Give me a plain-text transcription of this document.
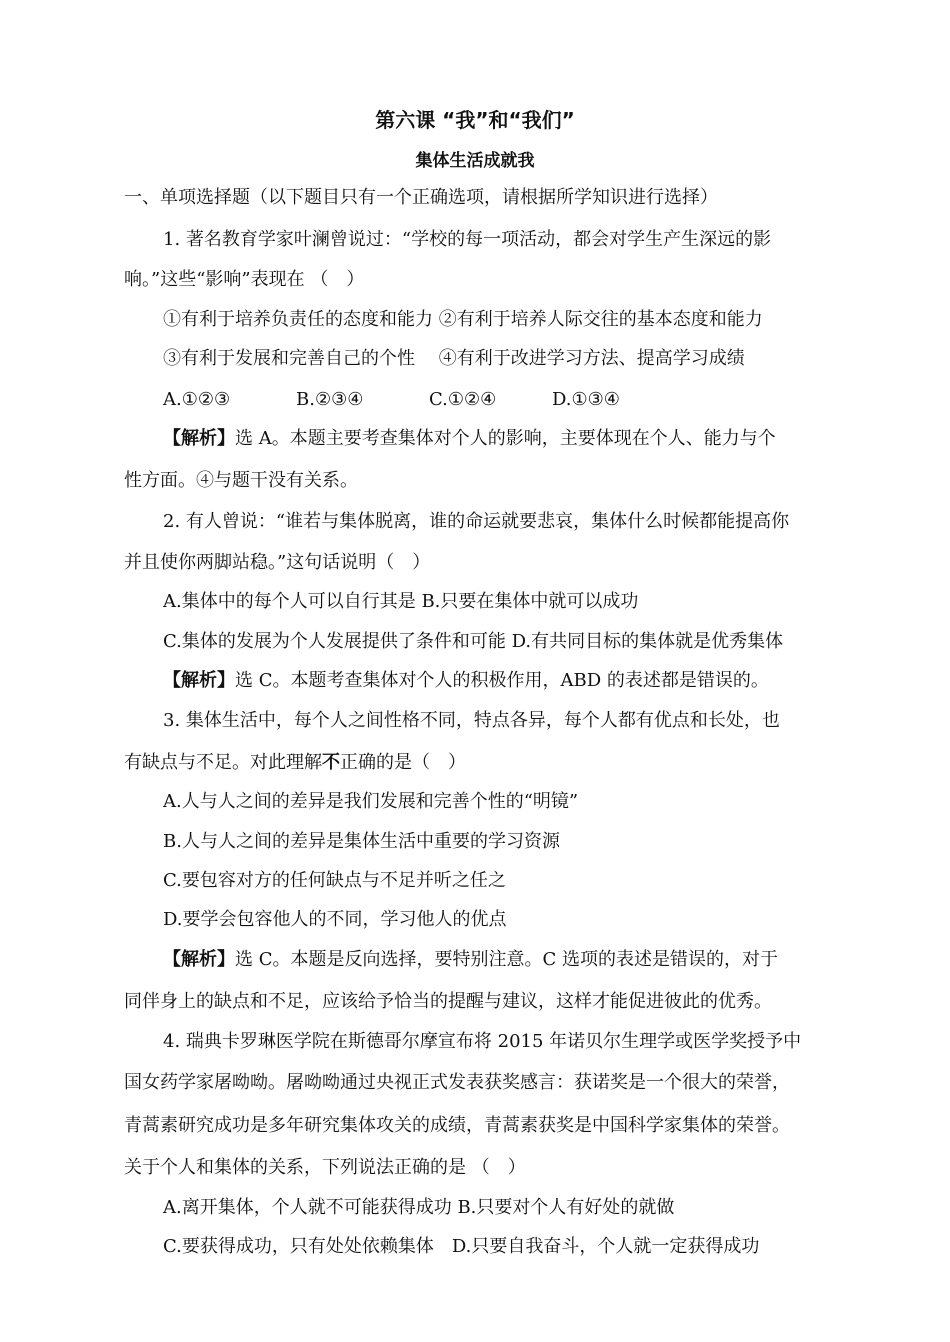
第六课 “我”和“我们”
集体生活成就我
一、单项选择题（以下题目只有一个正确选项，请根据所学知识进行选择）
1. 著名教育学家叶澜曾说过：“学校的每一项活动，都会对学生产生深远的影
响。”这些“影响”表现在 （　）
①有利于培养负责任的态度和能力 ②有利于培养人际交往的基本态度和能力
③有利于发展和完善自己的个性　 ④有利于改进学习方法、提高学习成绩
A.①②③	B.②③④	C.①②④	D.①③④
【解析】选 A。本题主要考查集体对个人的影响，主要体现在个人、能力与个
性方面。④与题干没有关系。
2. 有人曾说：“谁若与集体脱离，谁的命运就要悲哀，集体什么时候都能提高你
并且使你两脚站稳。”这句话说明（　）
A.集体中的每个人可以自行其是 B.只要在集体中就可以成功
C.集体的发展为个人发展提供了条件和可能 D.有共同目标的集体就是优秀集体
【解析】选 C。本题考查集体对个人的积极作用，ABD 的表述都是错误的。
3. 集体生活中，每个人之间性格不同，特点各异，每个人都有优点和长处，也
有缺点与不足。对此理解不正确的是（　）
A.人与人之间的差异是我们发展和完善个性的“明镜”
B.人与人之间的差异是集体生活中重要的学习资源
C.要包容对方的任何缺点与不足并听之任之
D.要学会包容他人的不同，学习他人的优点
【解析】选 C。本题是反向选择，要特别注意。C 选项的表述是错误的，对于
同伴身上的缺点和不足，应该给予恰当的提醒与建议，这样才能促进彼此的优秀。
4. 瑞典卡罗琳医学院在斯德哥尔摩宣布将 2015 年诺贝尔生理学或医学奖授予中
国女药学家屠呦呦。屠呦呦通过央视正式发表获奖感言：获诺奖是一个很大的荣誉，
青蒿素研究成功是多年研究集体攻关的成绩，青蒿素获奖是中国科学家集体的荣誉。
关于个人和集体的关系，下列说法正确的是 （　）
A.离开集体，个人就不可能获得成功 B.只要对个人有好处的就做
C.要获得成功，只有处处依赖集体　D.只要自我奋斗，个人就一定获得成功
